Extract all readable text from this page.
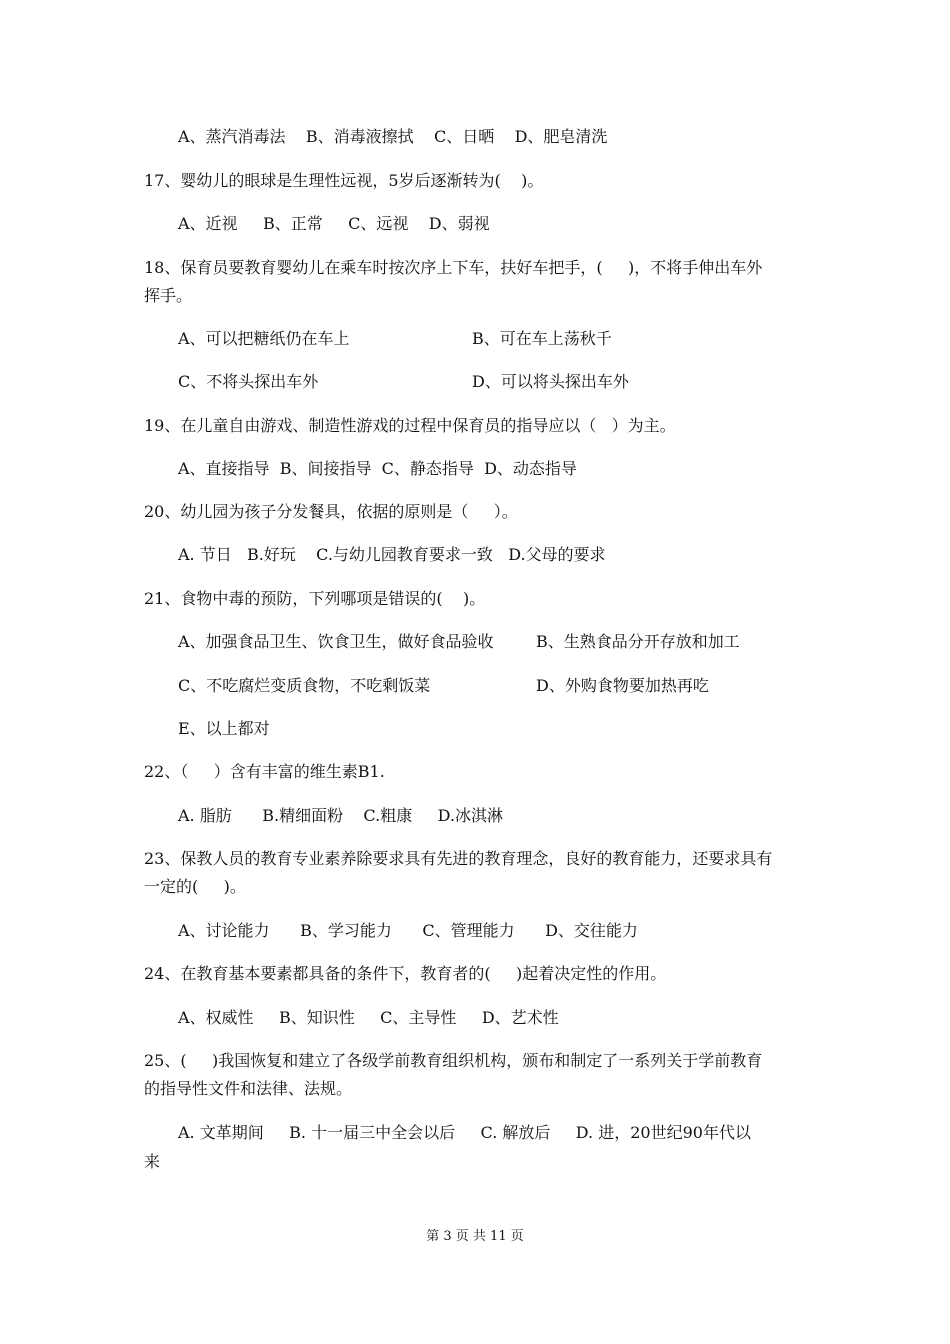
A、蒸汽消毒法    B、消毒液擦拭    C、日晒    D、肥皂清洗
17、婴幼儿的眼球是生理性远视，5岁后逐渐转为(    )。
A、近视     B、正常     C、远视    D、弱视
18、保育员要教育婴幼儿在乘车时按次序上下车，扶好车把手，(     )，不将手伸出车外
挥手。
A、可以把糖纸仍在车上	B、可在车上荡秋千
C、不将头探出车外	D、可以将头探出车外
19、在儿童自由游戏、制造性游戏的过程中保育员的指导应以（   ）为主。
A、直接指导  B、间接指导  C、静态指导  D、动态指导
20、幼儿园为孩子分发餐具，依据的原则是（     ）。
A. 节日   B.好玩    C.与幼儿园教育要求一致   D.父母的要求
21、食物中毒的预防，下列哪项是错误的(    )。
A、加强食品卫生、饮食卫生，做好食品验收	B、生熟食品分开存放和加工
C、不吃腐烂变质食物，不吃剩饭菜	D、外购食物要加热再吃
E、以上都对
22、（     ）含有丰富的维生素B1.
A. 脂肪      B.精细面粉    C.粗康     D.冰淇淋
23、保教人员的教育专业素养除要求具有先进的教育理念，良好的教育能力，还要求具有
一定的(     )。
A、讨论能力      B、学习能力      C、管理能力      D、交往能力
24、在教育基本要素都具备的条件下，教育者的(     )起着决定性的作用。
A、权威性     B、知识性     C、主导性     D、艺术性
25、(     )我国恢复和建立了各级学前教育组织机构，颁布和制定了一系列关于学前教育
的指导性文件和法律、法规。
A. 文革期间     B. 十一届三中全会以后     C. 解放后     D. 进，20世纪90年代以
来
第 3 页 共 11 页
